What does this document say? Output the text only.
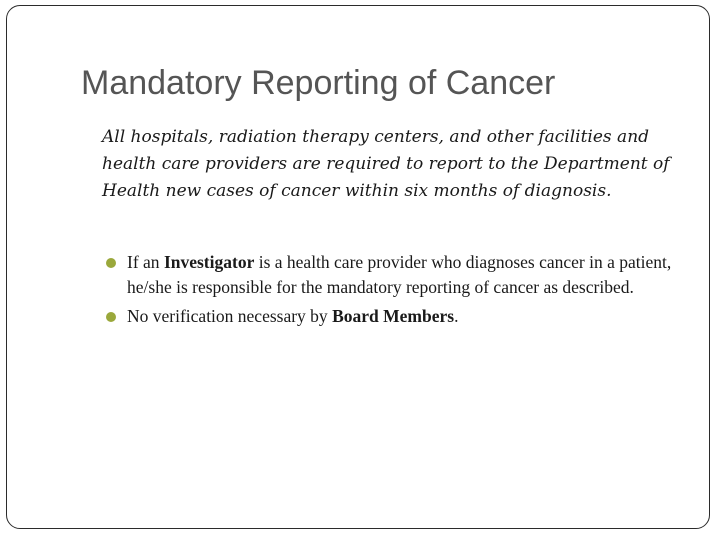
Mandatory Reporting of Cancer
All hospitals, radiation therapy centers, and other facilities and health care providers are required to report to the Department of Health new cases of cancer within six months of diagnosis.
If an Investigator is a health care provider who diagnoses cancer in a patient, he/she is responsible for the mandatory reporting of cancer as described.
No verification necessary by Board Members.
